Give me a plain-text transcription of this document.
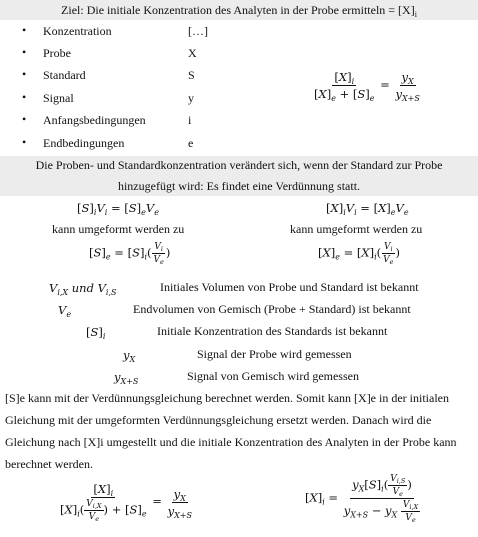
Ziel: Die initiale Konzentration des Analyten in der Probe ermitteln = $[X]_i$
• Konzentration	[…]
• Probe	X
• Standard	S
• Signal	y
• Anfangsbedingungen	i
• Endbedingungen	e
$\frac{[X]_i}{[X]_e + [S]_e} = \frac{y_X}{y_{X+S}}$
Die Proben- und Standardkonzentration verändert sich, wenn der Standard zur Probe
hinzugefügt wird: Es findet eine Verdünnung statt.
$[S]_iV_i = [S]_eV_e$	$[X]_iV_i = [X]_eV_e$
kann umgeformt werden zu	kann umgeformt werden zu
$[S]_e = [S]_i( \frac{V_i}{V_e}$ )	$[X]_e = [X]_i( \frac{V_i}{V_e}$ )
$V_{i,X}$ und $V_{i,S}$	Initiales Volumen von Probe und Standard ist bekannt
$V_e$	Endvolumen von Gemisch (Probe + Standard) ist bekannt
$[S]_i$	Initiale Konzentration des Standards ist bekannt
$y_X$	Signal der Probe wird gemessen
$y_{X+S}$	Signal von Gemisch wird gemessen
[S]e kann mit der Verdünnungsgleichung berechnet werden. Somit kann [X]e in der initialen
Gleichung mit der umgeformten Verdünnungsgleichung ersetzt werden. Danach wird die
Gleichung nach [X]i umgestellt und die initiale Konzentration des Analyten in der Probe kann
berechnet werden.
$\frac{[X]_i}{[X]_i( \frac{V_{i,X}}{V_e} ) + [S]_e} = \frac{y_X}{y_{X+S}}$	$[X]_i = \frac{y_X[S]_i( \frac{V_{i,S}}{V_e} )}{y_{X+S} - y_X \frac{V_{i,X}}{V_e}}$
